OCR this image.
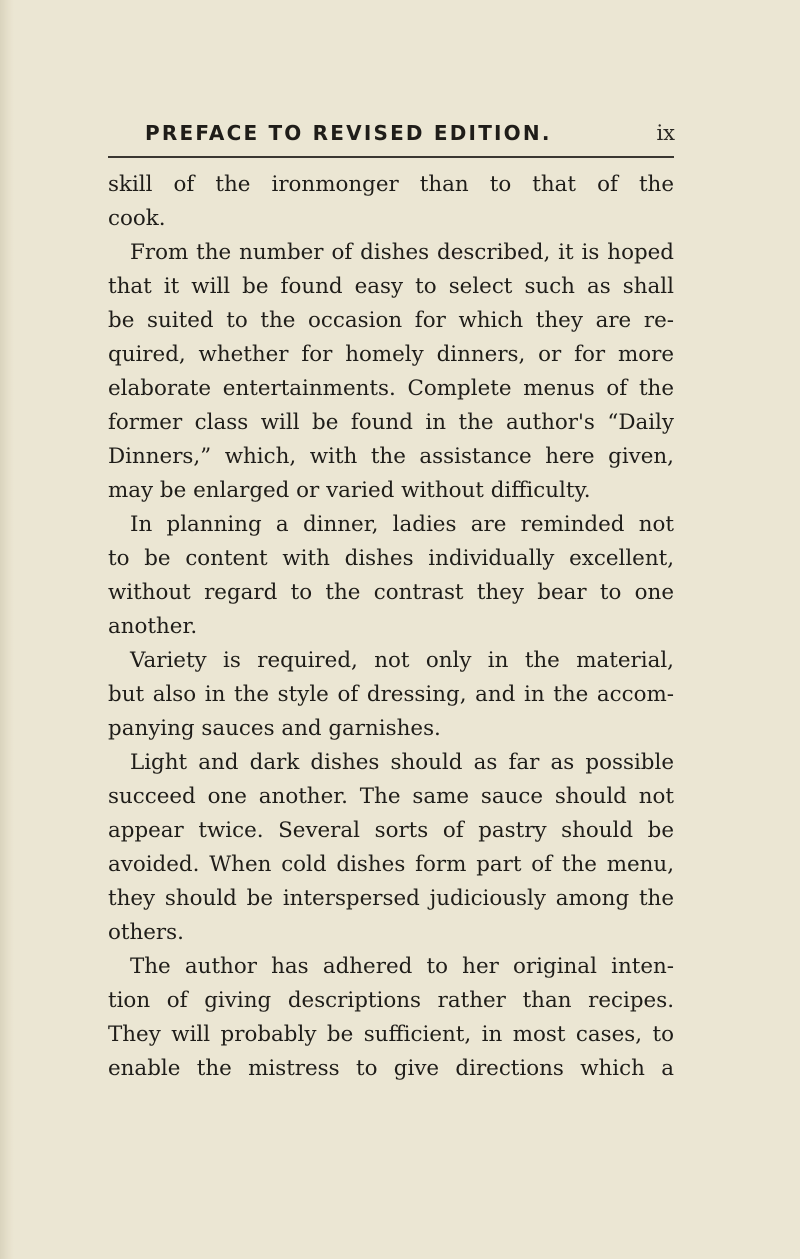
PREFACE TO REVISED EDITION.	ix

skill of the ironmonger than to that of the
cook.

From the number of dishes described, it is hoped
that it will be found easy to select such as shall
be suited to the occasion for which they are re-
quired, whether for homely dinners, or for more
elaborate entertainments. Complete menus of the
former class will be found in the author's “Daily
Dinners,” which, with the assistance here given,
may be enlarged or varied without difficulty.

In planning a dinner, ladies are reminded not
to be content with dishes individually excellent,
without regard to the contrast they bear to one
another.

Variety is required, not only in the material,
but also in the style of dressing, and in the accom-
panying sauces and garnishes.

Light and dark dishes should as far as possible
succeed one another. The same sauce should not
appear twice. Several sorts of pastry should be
avoided. When cold dishes form part of the menu,
they should be interspersed judiciously among the
others.

The author has adhered to her original inten-
tion of giving descriptions rather than recipes.
They will probably be sufficient, in most cases, to
enable the mistress to give directions which a
